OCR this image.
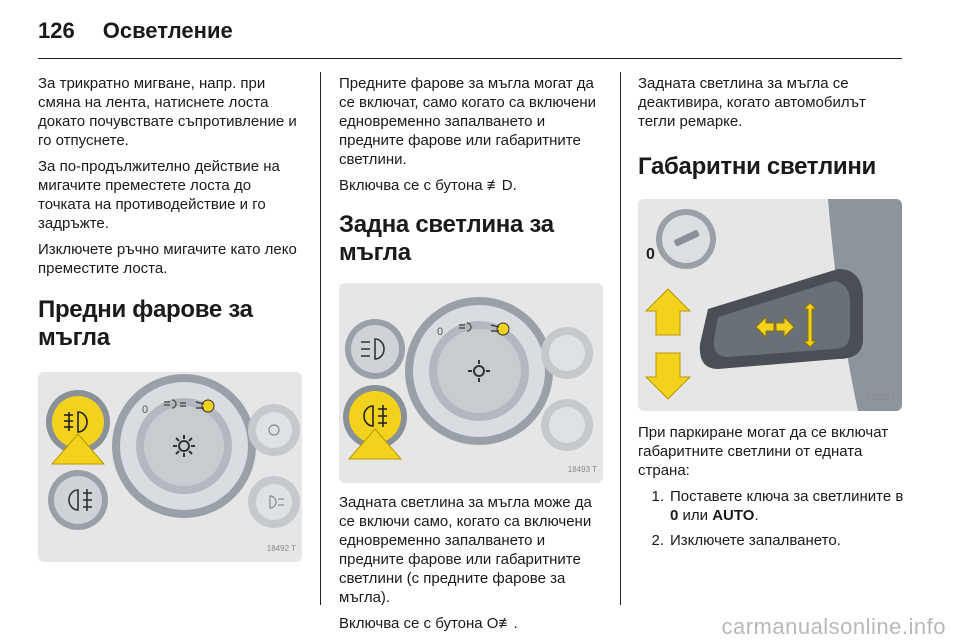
126 Осветление

За трикратно мигване, напр. при смяна на лента, натиснете лоста докато почувствате съпротивление и го отпуснете.

За по-продължително действие на мигачите преместете лоста до точката на противодействие и го задръжте.

Изключете ръчно мигачите като леко преместите лоста.

Предни фарове за мъгла
0
18492 T

Предните фарове за мъгла могат да се включат, само когато са включени едновременно запалването и предните фарове или габаритните светлини.

Включва се с бутона ≢D.

Задна светлина за мъгла
0
18493 T

Задната светлина за мъгла може да се включи само, когато са включени едновременно запалването и предните фарове или габаритните светлини (с предните фарове за мъгла).

Включва се с бутона O≢.

Задната светлина за мъгла се деактивира, когато автомобилът тегли ремарке.

Габаритни светлини
0
17129 T

При паркиране могат да се включат габаритните светлини от едната страна:

1. Поставете ключа за светлините в 0 или AUTO.
2. Изключете запалването.
carmanualsonline.info
